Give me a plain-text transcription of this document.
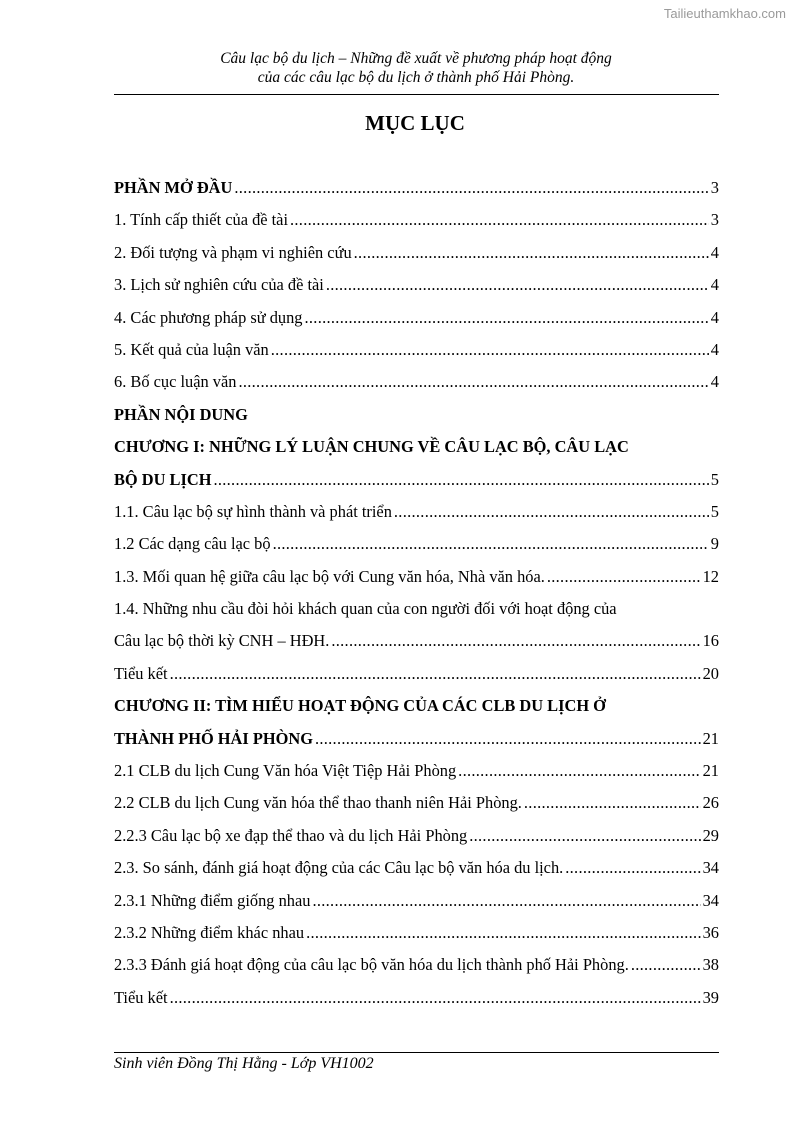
Tailieuthamkhao.com
Câu lạc bộ du lịch – Những đề xuất về phương pháp hoạt động
của các câu lạc bộ du lịch ở thành phố Hải Phòng.
MỤC LỤC
PHẦN MỞ ĐẦU .....	3
1. Tính cấp thiết của đề tài .....	3
2. Đối tượng và phạm vi nghiên cứu .....	4
3. Lịch sử nghiên cứu của đề tài .....	4
4. Các phương pháp sử dụng .....	4
5. Kết quả của luận văn .....	4
6. Bố cục luận văn .....	4
PHẦN NỘI DUNG
CHƯƠNG I: NHỮNG LÝ LUẬN CHUNG VỀ CÂU LẠC BỘ, CÂU LẠC
BỘ DU LỊCH .....	5
1.1. Câu lạc bộ sự hình thành và phát triển .....	5
1.2 Các dạng câu lạc bộ .....	9
1.3. Mối quan hệ giữa câu lạc bộ với Cung văn hóa, Nhà văn hóa. .....	12
1.4. Những nhu cầu đòi hỏi khách quan của con người đối với hoạt động của
Câu lạc bộ thời kỳ CNH – HĐH. .....	16
Tiểu kết .....	20
CHƯƠNG II: TÌM HIỂU HOẠT ĐỘNG CỦA CÁC CLB DU LỊCH Ở
THÀNH PHỐ HẢI PHÒNG .....	21
2.1 CLB du lịch Cung Văn hóa Việt Tiệp Hải Phòng .....	21
2.2 CLB du lịch Cung văn hóa thể thao thanh niên Hải Phòng. .....	26
2.2.3 Câu lạc bộ xe đạp thể thao và du lịch Hải Phòng .....	29
2.3. So sánh, đánh giá hoạt động của các Câu lạc bộ văn hóa du lịch. .....	34
2.3.1 Những điểm giống nhau .....	34
2.3.2 Những điểm khác nhau .....	36
2.3.3 Đánh giá hoạt động của câu lạc bộ văn hóa du lịch thành phố Hải Phòng. .....	38
Tiểu kết .....	39
Sinh viên Đồng Thị Hằng - Lớp VH1002
